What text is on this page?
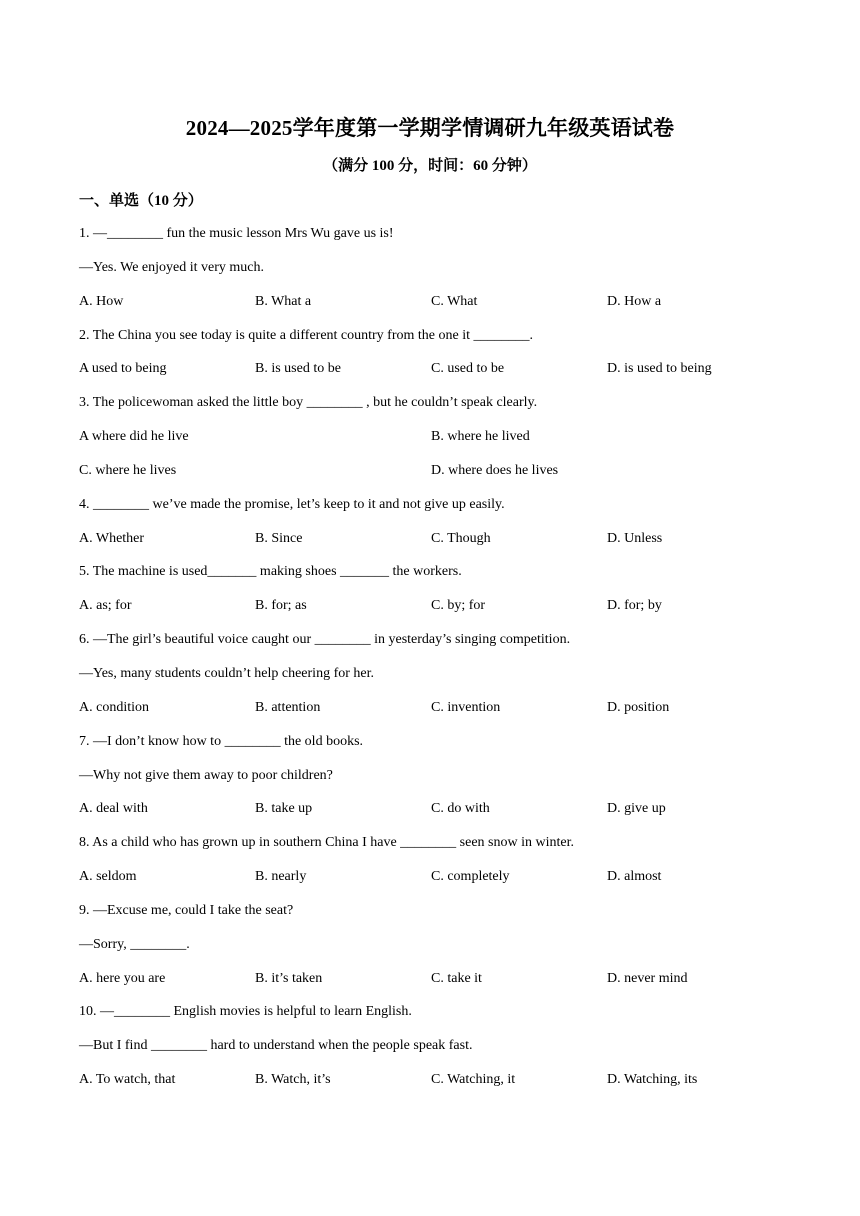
2024—2025学年度第一学期学情调研九年级英语试卷
（满分 100 分，时间：60 分钟）
一、单选（10 分）
1. —________ fun the music lesson Mrs Wu gave us is!
—Yes. We enjoyed it very much.
A. How	B. What a	C. What	D. How a
2. The China you see today is quite a different country from the one it ________.
A used to being	B. is used to be	C. used to be	D. is used to being
3. The policewoman asked the little boy ________ , but he couldn’t speak clearly.
A where did he live	B. where he lived
C. where he lives	D. where does he lives
4. ________ we’ve made the promise, let’s keep to it and not give up easily.
A. Whether	B. Since	C. Though	D. Unless
5. The machine is used_______ making shoes _______ the workers.
A. as; for	B. for; as	C. by; for	D. for; by
6. —The girl’s beautiful voice caught our ________ in yesterday’s singing competition.
—Yes, many students couldn’t help cheering for her.
A. condition	B. attention	C. invention	D. position
7. —I don’t know how to ________ the old books.
—Why not give them away to poor children?
A. deal with	B. take up	C. do with	D. give up
8. As a child who has grown up in southern China I have ________ seen snow in winter.
A. seldom	B. nearly	C. completely	D. almost
9. —Excuse me, could I take the seat?
—Sorry, ________.
A. here you are	B. it’s taken	C. take it	D. never mind
10. —________ English movies is helpful to learn English.
—But I find ________ hard to understand when the people speak fast.
A. To watch, that	B. Watch, it’s	C. Watching, it	D. Watching, its
